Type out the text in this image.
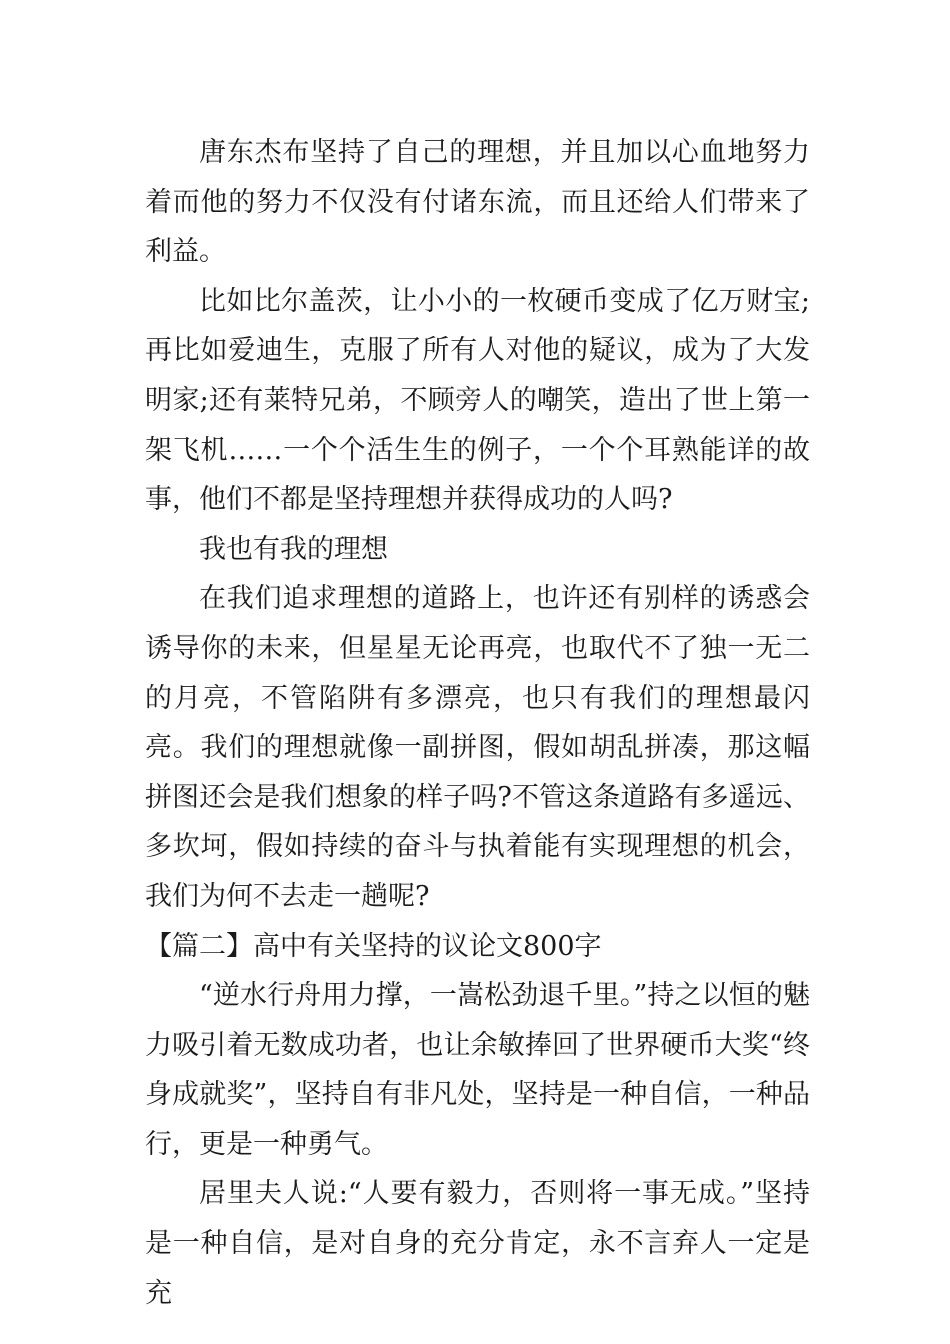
唐东杰布坚持了自己的理想，并且加以心血地努力着而他的努力不仅没有付诸东流，而且还给人们带来了利益。

比如比尔盖茨，让小小的一枚硬币变成了亿万财宝;再比如爱迪生，克服了所有人对他的疑议，成为了大发明家;还有莱特兄弟，不顾旁人的嘲笑，造出了世上第一架飞机……一个个活生生的例子，一个个耳熟能详的故事，他们不都是坚持理想并获得成功的人吗?

我也有我的理想

在我们追求理想的道路上，也许还有别样的诱惑会诱导你的未来，但星星无论再亮，也取代不了独一无二的月亮，不管陷阱有多漂亮，也只有我们的理想最闪亮。我们的理想就像一副拼图，假如胡乱拼凑，那这幅拼图还会是我们想象的样子吗?不管这条道路有多遥远、多坎坷，假如持续的奋斗与执着能有实现理想的机会，我们为何不去走一趟呢?

【篇二】高中有关坚持的议论文800字

“逆水行舟用力撑，一嵩松劲退千里。”持之以恒的魅力吸引着无数成功者，也让余敏捧回了世界硬币大奖“终身成就奖”，坚持自有非凡处，坚持是一种自信，一种品行，更是一种勇气。

居里夫人说:“人要有毅力，否则将一事无成。”坚持是一种自信，是对自身的充分肯定，永不言弃人一定是充
